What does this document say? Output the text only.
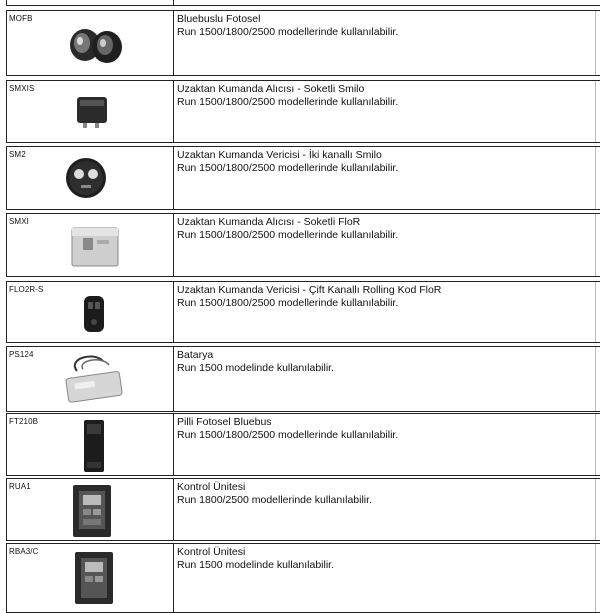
MOFB	Bluebuslu Fotosel
Run 1500/1800/2500 modellerinde kullanılabilir.
SMXIS	Uzaktan Kumanda Alıcısı - Soketli Smilo
Run 1500/1800/2500 modellerinde kullanılabilir.
SM2	Uzaktan Kumanda Vericisi - İki kanallı Smilo
Run 1500/1800/2500 modellerinde kullanılabilir.
SMXI	Uzaktan Kumanda Alıcısı - Soketli FloR
Run 1500/1800/2500 modellerinde kullanılabilir.
FLO2R-S	Uzaktan Kumanda Vericisi - Çift Kanallı Rolling Kod FloR
Run 1500/1800/2500 modellerinde kullanılabilir.
PS124	Batarya
Run 1500 modelinde kullanılabilir.
FT210B	Pilli Fotosel Bluebus
Run 1500/1800/2500 modellerinde kullanılabilir.
RUA1	Kontrol Ünitesi
Run 1800/2500 modellerinde kullanılabilir.
RBA3/C	Kontrol Ünitesi
Run 1500 modelinde kullanılabilir.
